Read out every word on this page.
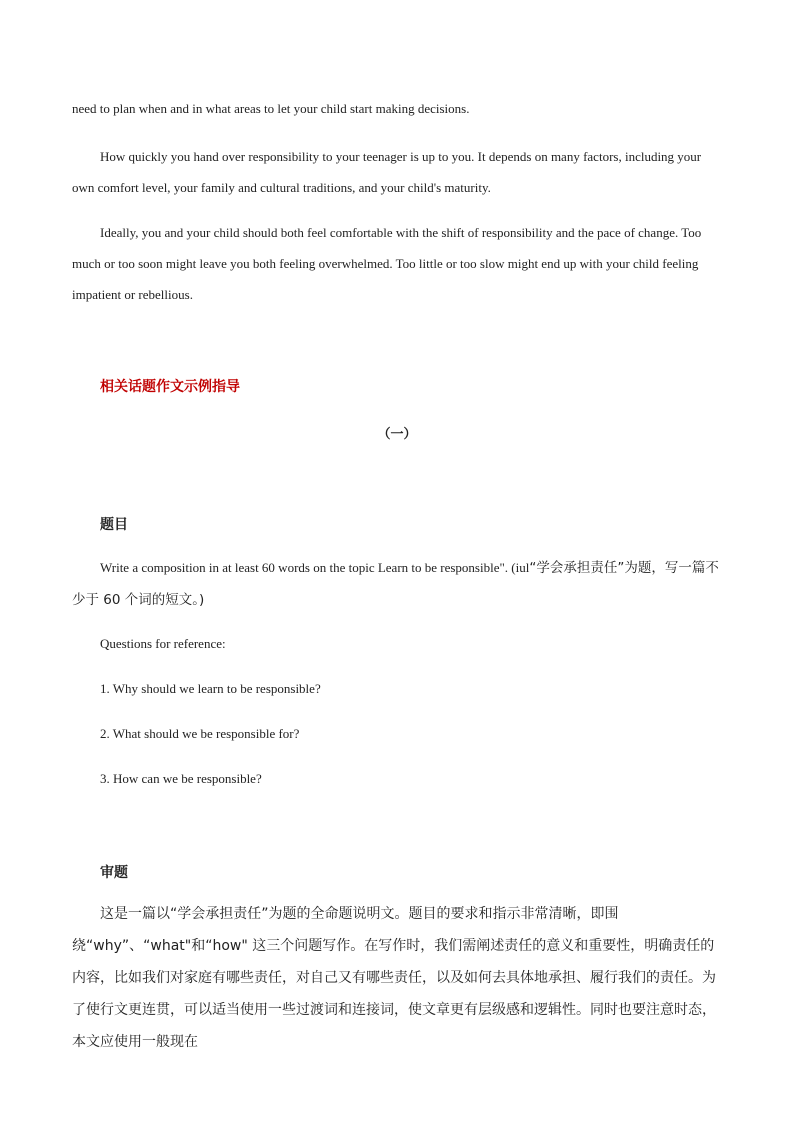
need to plan when and in what areas to let your child start making decisions.

How quickly you hand over responsibility to your teenager is up to you. It depends on many factors, including your own comfort level, your family and cultural traditions, and your child's maturity.

Ideally, you and your child should both feel comfortable with the shift of responsibility and the pace of change. Too much or too soon might leave you both feeling overwhelmed. Too little or too slow might end up with your child feeling impatient or rebellious.

相关话题作文示例指导
（一）
题目

Write a composition in at least 60 words on the topic Learn to be responsible". (iul“学会承担责任”为题，写一篇不少于 60 个词的短文。)

Questions for reference:

1. Why should we learn to be responsible?

2. What should we be responsible for?

3. How can we be responsible?

审题

这是一篇以“学会承担责任”为题的全命题说明文。题目的要求和指示非常清晰，即围绕“why”、“what"和“how" 这三个问题写作。在写作时，我们需阐述责任的意义和重要性，明确责任的内容，比如我们对家庭有哪些责任，对自己又有哪些责任，以及如何去具体地承担、履行我们的责任。为了使行文更连贯，可以适当使用一些过渡词和连接词，使文章更有层级感和逻辑性。同时也要注意时态，本文应使用一般现在
